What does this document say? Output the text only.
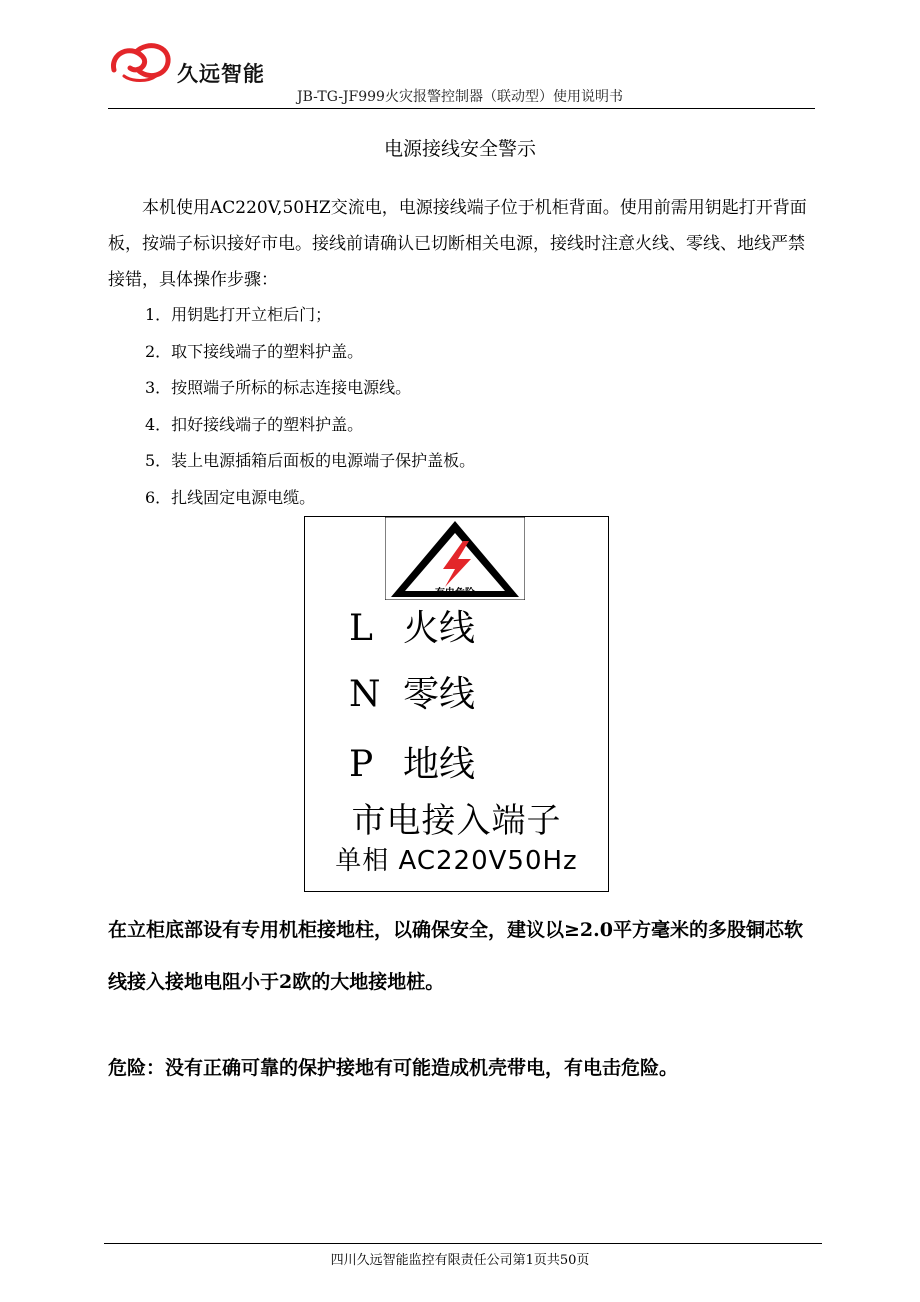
久远智能
JB-TG-JF999火灾报警控制器（联动型）使用说明书
电源接线安全警示
本机使用AC220V,50HZ交流电，电源接线端子位于机柜背面。使用前需用钥匙打开背面板，按端子标识接好市电。接线前请确认已切断相关电源，接线时注意火线、零线、地线严禁接错，具体操作步骤：
1．用钥匙打开立柜后门；
2．取下接线端子的塑料护盖。
3．按照端子所标的标志连接电源线。
4．扣好接线端子的塑料护盖。
5．装上电源插箱后面板的电源端子保护盖板。
6．扎线固定电源电缆。
有电危险
L 火线
N 零线
P 地线
市电接入端子
单相 AC220V50Hz
在立柜底部设有专用机柜接地柱，以确保安全，建议以≥2.0平方毫米的多股铜芯软线接入接地电阻小于2欧的大地接地桩。
危险：没有正确可靠的保护接地有可能造成机壳带电，有电击危险。
四川久远智能监控有限责任公司第1页共50页
